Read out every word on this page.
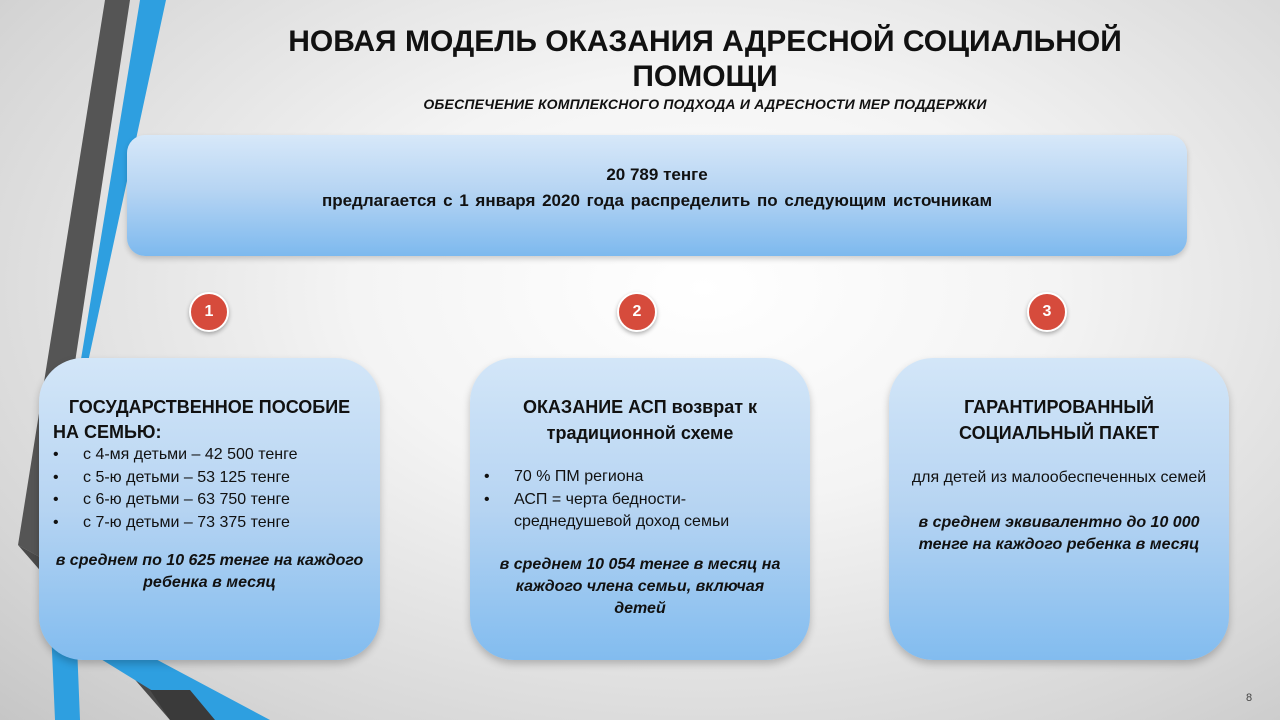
НОВАЯ МОДЕЛЬ ОКАЗАНИЯ АДРЕСНОЙ СОЦИАЛЬНОЙ
ПОМОЩИ
ОБЕСПЕЧЕНИЕ КОМПЛЕКСНОГО ПОДХОДА И АДРЕСНОСТИ МЕР ПОДДЕРЖКИ
20 789 тенге
предлагается с 1 января 2020 года распределить по следующим источникам
1	2	3
ГОСУДАРСТВЕННОЕ ПОСОБИЕ
НА СЕМЬЮ:
• с 4-мя детьми – 42 500 тенге
• с 5-ю детьми – 53 125 тенге
• с 6-ю детьми – 63 750 тенге
• с 7-ю детьми – 73 375 тенге
в среднем по 10 625 тенге на каждого ребенка в месяц
ОКАЗАНИЕ АСП возврат к традиционной схеме
• 70 % ПМ региона
• АСП = черта бедности- среднедушевой доход семьи
в среднем 10 054 тенге в месяц на каждого члена семьи, включая детей
ГАРАНТИРОВАННЫЙ СОЦИАЛЬНЫЙ ПАКЕТ
для детей из малообеспеченных семей
в среднем эквивалентно до 10 000 тенге на каждого ребенка в месяц
8
